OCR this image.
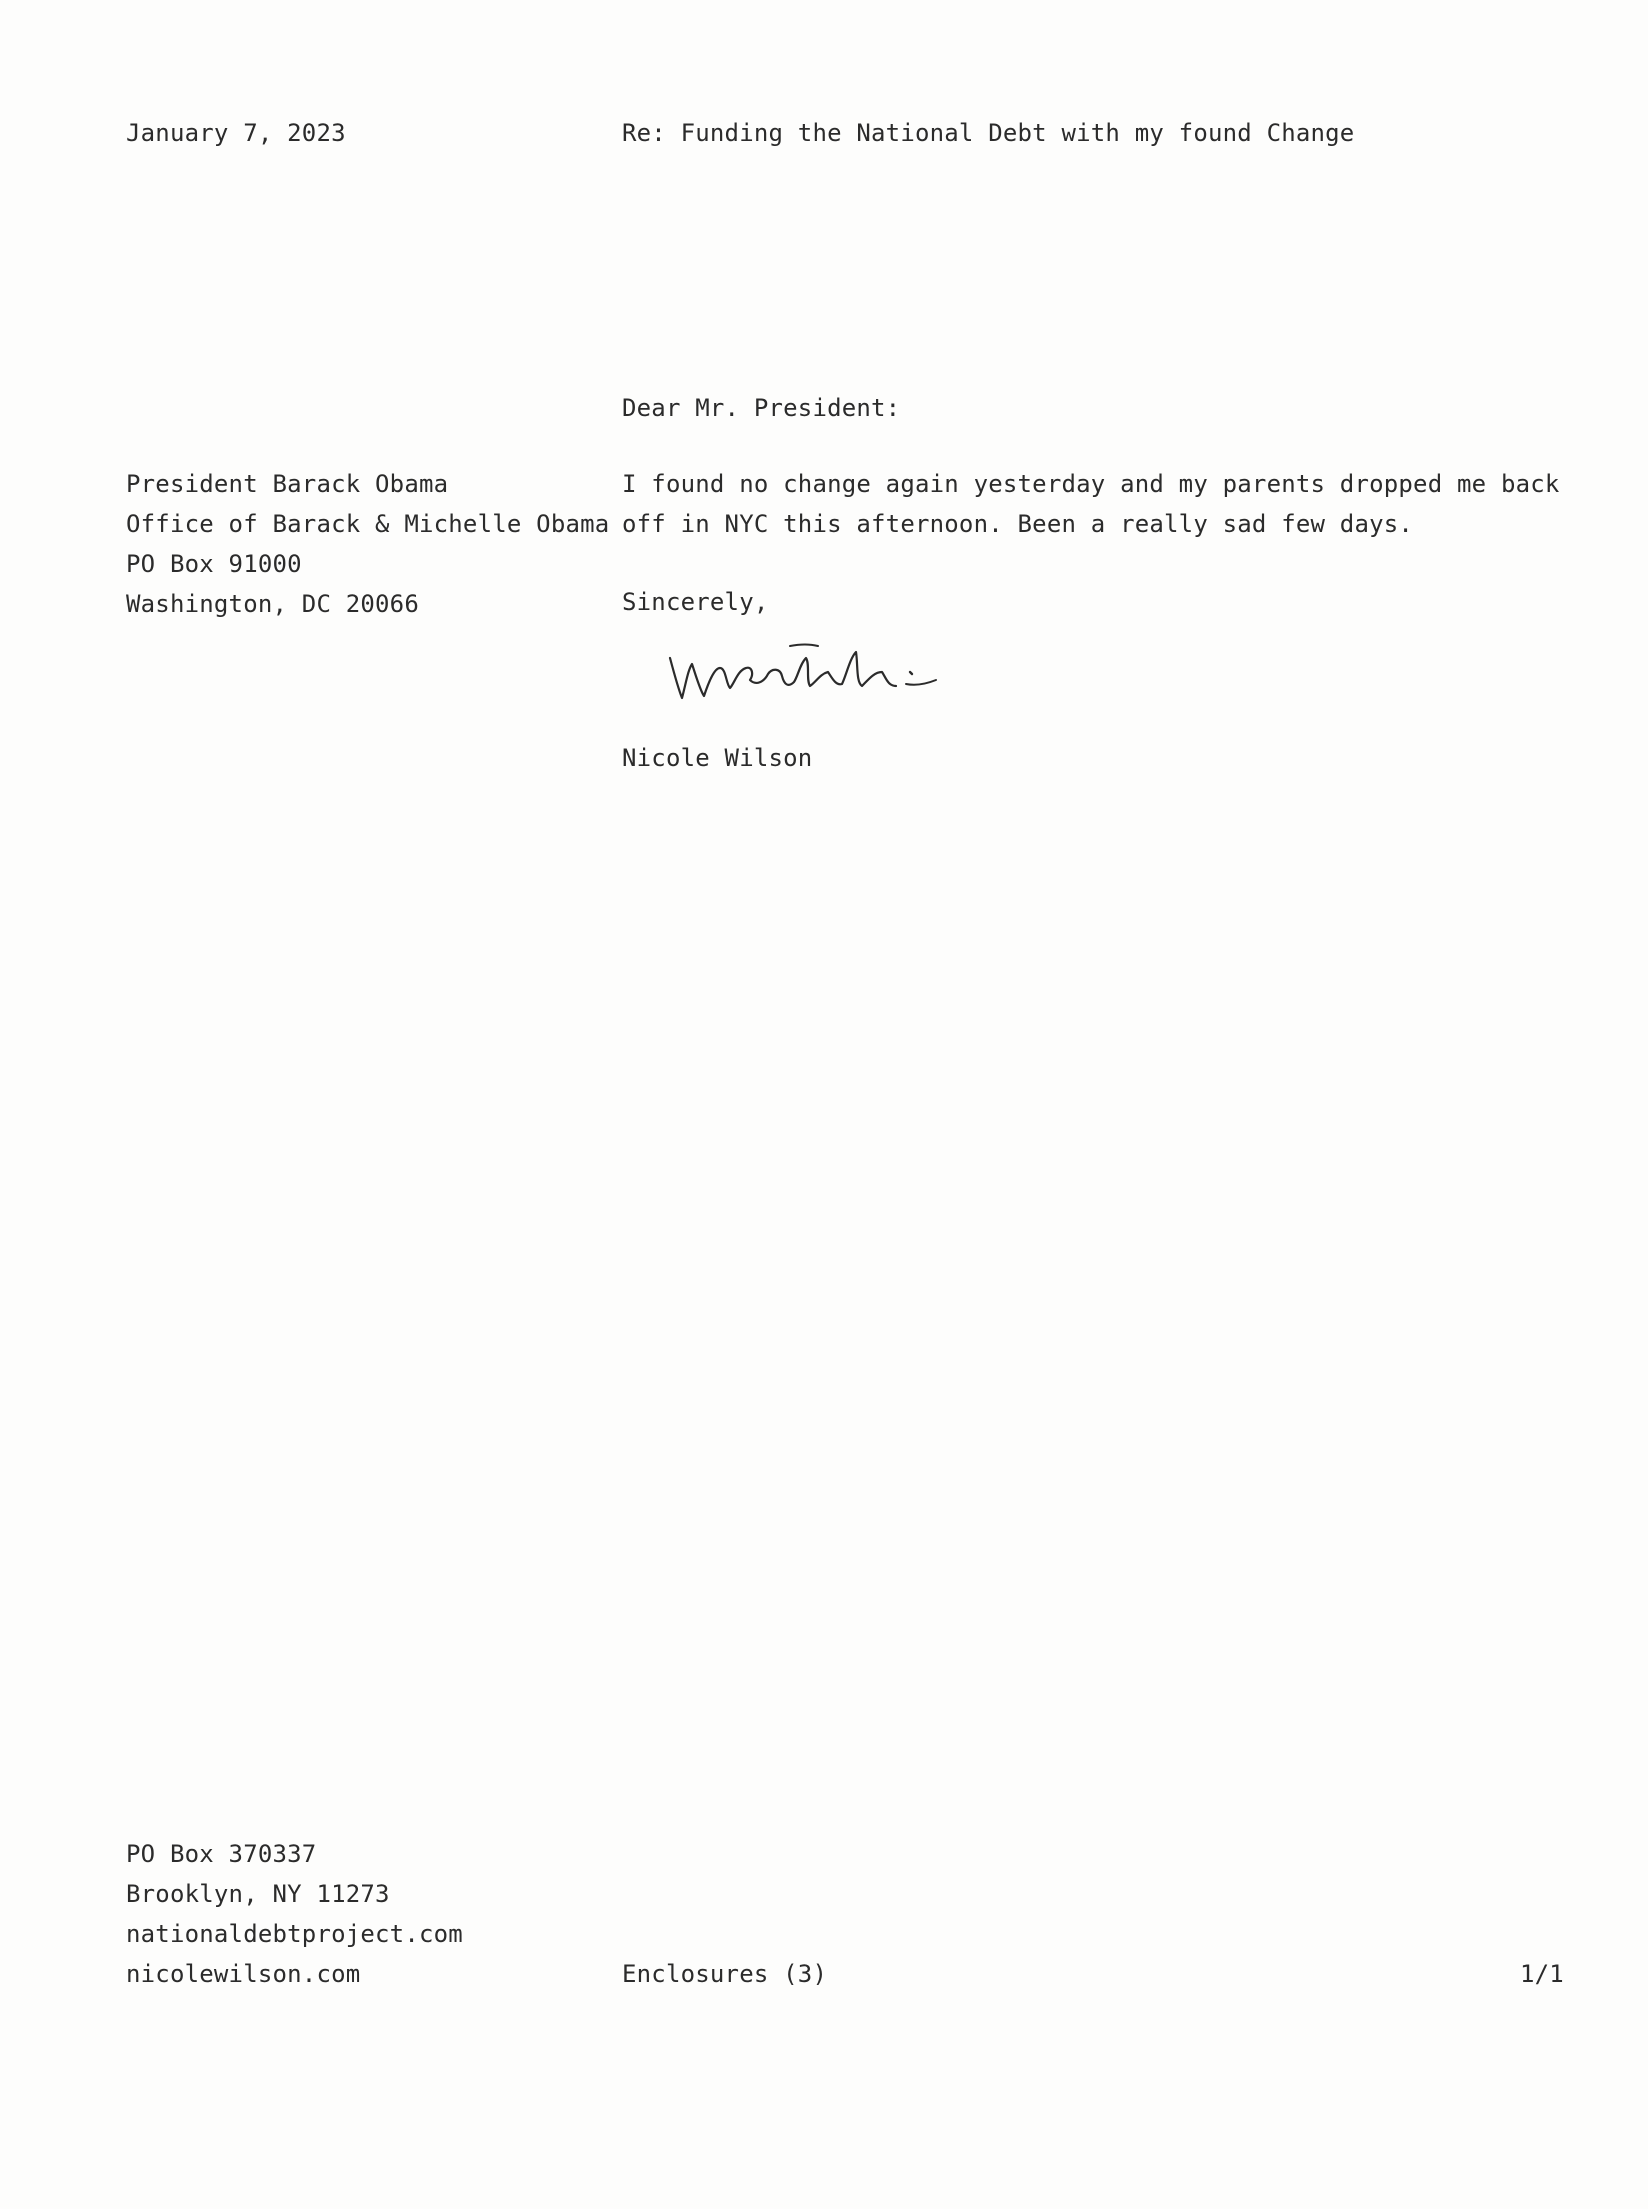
January 7, 2023	Re: Funding the National Debt with my found Change
Dear Mr. President:
President Barack Obama
Office of Barack & Michelle Obama
PO Box 91000
Washington, DC 20066
I found no change again yesterday and my parents dropped me back
off in NYC this afternoon. Been a really sad few days.
Sincerely,
Nicole Wilson
PO Box 370337
Brooklyn, NY 11273
nationaldebtproject.com
nicolewilson.com	Enclosures (3)	1/1
